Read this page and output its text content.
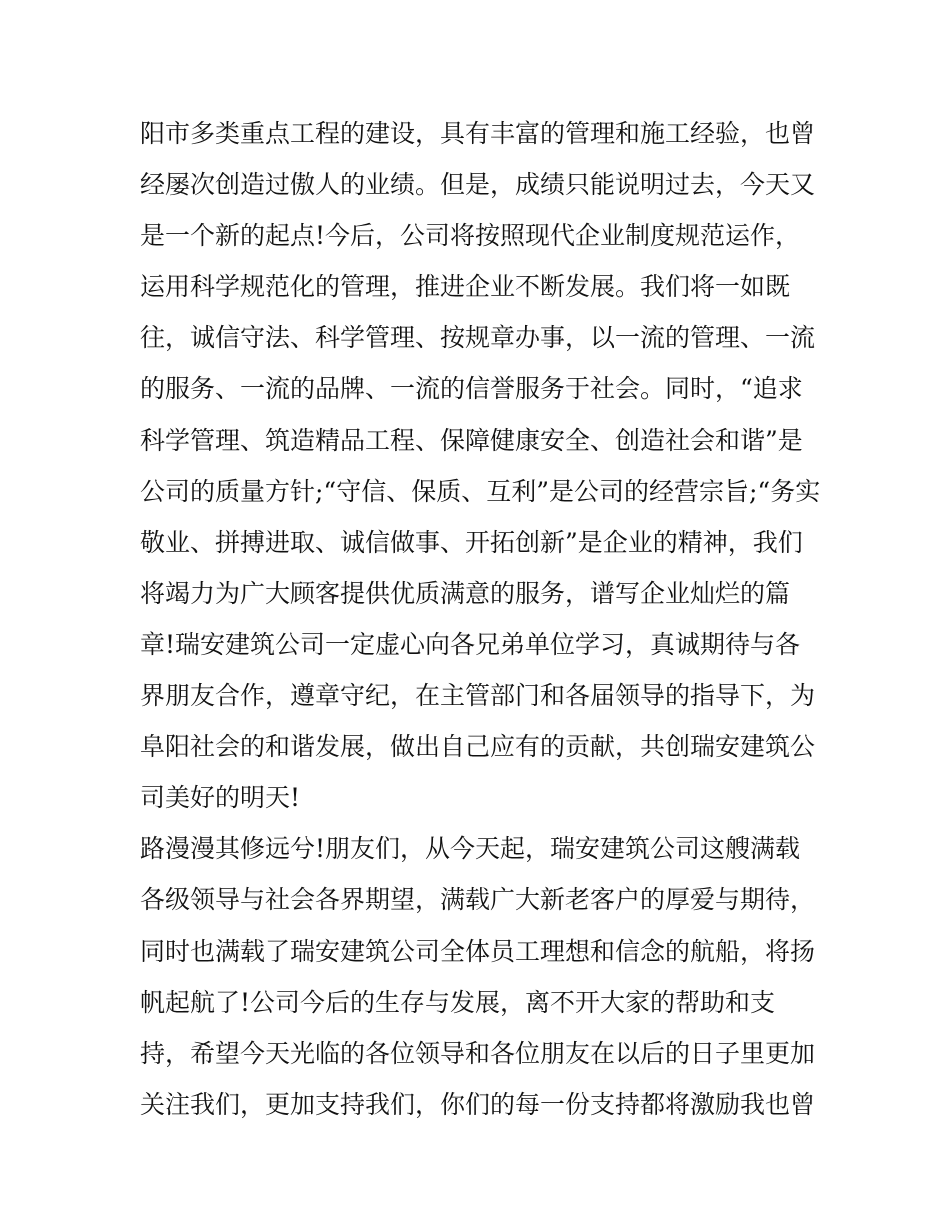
阳市多类重点工程的建设，具有丰富的管理和施工经验，也曾
经屡次创造过傲人的业绩。但是，成绩只能说明过去，今天又
是一个新的起点!今后，公司将按照现代企业制度规范运作，
运用科学规范化的管理，推进企业不断发展。我们将一如既
往，诚信守法、科学管理、按规章办事，以一流的管理、一流
的服务、一流的品牌、一流的信誉服务于社会。同时，“追求
科学管理、筑造精品工程、保障健康安全、创造社会和谐”是
公司的质量方针;“守信、保质、互利”是公司的经营宗旨;“务实
敬业、拼搏进取、诚信做事、开拓创新”是企业的精神，我们
将竭力为广大顾客提供优质满意的服务，谱写企业灿烂的篇
章!瑞安建筑公司一定虚心向各兄弟单位学习，真诚期待与各
界朋友合作，遵章守纪，在主管部门和各届领导的指导下，为
阜阳社会的和谐发展，做出自己应有的贡献，共创瑞安建筑公
司美好的明天!
路漫漫其修远兮!朋友们，从今天起，瑞安建筑公司这艘满载
各级领导与社会各界期望，满载广大新老客户的厚爱与期待，
同时也满载了瑞安建筑公司全体员工理想和信念的航船，将扬
帆起航了!公司今后的生存与发展，离不开大家的帮助和支
持，希望今天光临的各位领导和各位朋友在以后的日子里更加
关注我们，更加支持我们，你们的每一份支持都将激励我也曾
